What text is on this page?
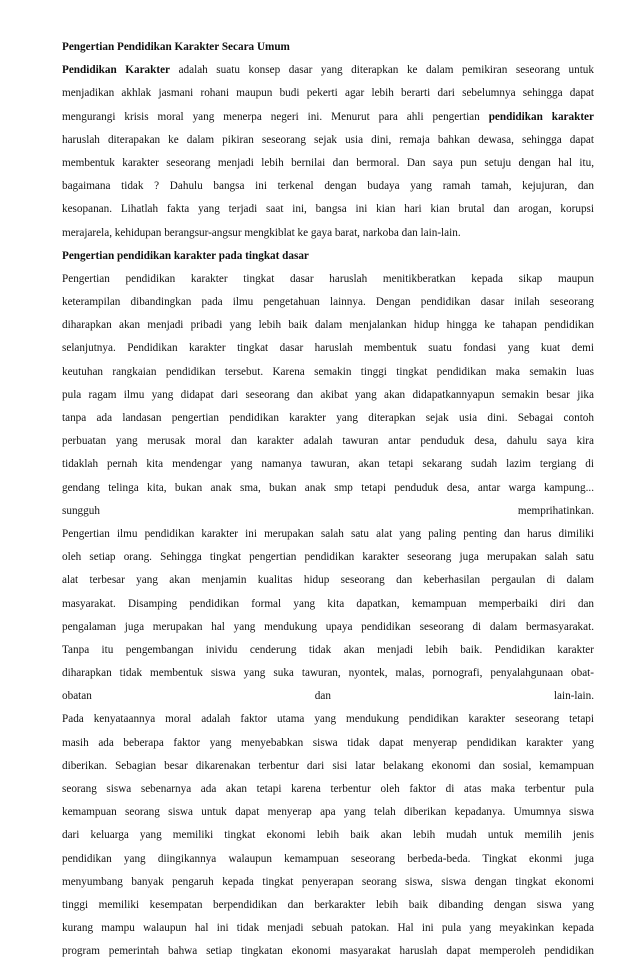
Pengertian Pendidikan Karakter Secara Umum
Pendidikan Karakter adalah suatu konsep dasar yang diterapkan ke dalam pemikiran seseorang untuk
menjadikan akhlak jasmani rohani maupun budi pekerti agar lebih berarti dari sebelumnya sehingga dapat
mengurangi krisis moral yang menerpa negeri ini. Menurut para ahli pengertian pendidikan karakter
haruslah diterapakan ke dalam pikiran seseorang sejak usia dini, remaja bahkan dewasa, sehingga dapat
membentuk karakter seseorang menjadi lebih bernilai dan bermoral. Dan saya pun setuju dengan hal itu,
bagaimana tidak ? Dahulu bangsa ini terkenal dengan budaya yang ramah tamah, kejujuran, dan
kesopanan. Lihatlah fakta yang terjadi saat ini, bangsa ini kian hari kian brutal dan arogan, korupsi
merajarela, kehidupan berangsur-angsur mengkiblat ke gaya barat, narkoba dan lain-lain.
Pengertian pendidikan karakter pada tingkat dasar
Pengertian pendidikan karakter tingkat dasar haruslah menitikberatkan kepada sikap maupun
keterampilan dibandingkan pada ilmu pengetahuan lainnya. Dengan pendidikan dasar inilah seseorang
diharapkan akan menjadi pribadi yang lebih baik dalam menjalankan hidup hingga ke tahapan pendidikan
selanjutnya. Pendidikan karakter tingkat dasar haruslah membentuk suatu fondasi yang kuat demi
keutuhan rangkaian pendidikan tersebut. Karena semakin tinggi tingkat pendidikan maka semakin luas
pula ragam ilmu yang didapat dari seseorang dan akibat yang akan didapatkannyapun semakin besar jika
tanpa ada landasan pengertian pendidikan karakter yang diterapkan sejak usia dini. Sebagai contoh
perbuatan yang merusak moral dan karakter adalah tawuran antar penduduk desa, dahulu saya kira
tidaklah pernah kita mendengar yang namanya tawuran, akan tetapi sekarang sudah lazim tergiang di
gendang telinga kita, bukan anak sma, bukan anak smp tetapi penduduk desa, antar warga kampung...
sungguh memprihatinkan.
Pengertian ilmu pendidikan karakter ini merupakan salah satu alat yang paling penting dan harus dimiliki
oleh setiap orang. Sehingga tingkat pengertian pendidikan karakter seseorang juga merupakan salah satu
alat terbesar yang akan menjamin kualitas hidup seseorang dan keberhasilan pergaulan di dalam
masyarakat. Disamping pendidikan formal yang kita dapatkan, kemampuan memperbaiki diri dan
pengalaman juga merupakan hal yang mendukung upaya pendidikan seseorang di dalam bermasyarakat.
Tanpa itu pengembangan inividu cenderung tidak akan menjadi lebih baik. Pendidikan karakter
diharapkan tidak membentuk siswa yang suka tawuran, nyontek, malas, pornografi, penyalahgunaan obat-
obatan dan lain-lain.
Pada kenyataannya moral adalah faktor utama yang mendukung pendidikan karakter seseorang tetapi
masih ada beberapa faktor yang menyebabkan siswa tidak dapat menyerap pendidikan karakter yang
diberikan. Sebagian besar dikarenakan terbentur dari sisi latar belakang ekonomi dan sosial, kemampuan
seorang siswa sebenarnya ada akan tetapi karena terbentur oleh faktor di atas maka terbentur pula
kemampuan seorang siswa untuk dapat menyerap apa yang telah diberikan kepadanya. Umumnya siswa
dari keluarga yang memiliki tingkat ekonomi lebih baik akan lebih mudah untuk memilih jenis
pendidikan yang diingikannya walaupun kemampuan seseorang berbeda-beda. Tingkat ekonmi juga
menyumbang banyak pengaruh kepada tingkat penyerapan seorang siswa, siswa dengan tingkat ekonomi
tinggi memiliki kesempatan berpendidikan dan berkarakter lebih baik dibanding dengan siswa yang
kurang mampu walaupun hal ini tidak menjadi sebuah patokan. Hal ini pula yang meyakinkan kepada
program pemerintah bahwa setiap tingkatan ekonomi masyarakat haruslah dapat memperoleh pendidikan
